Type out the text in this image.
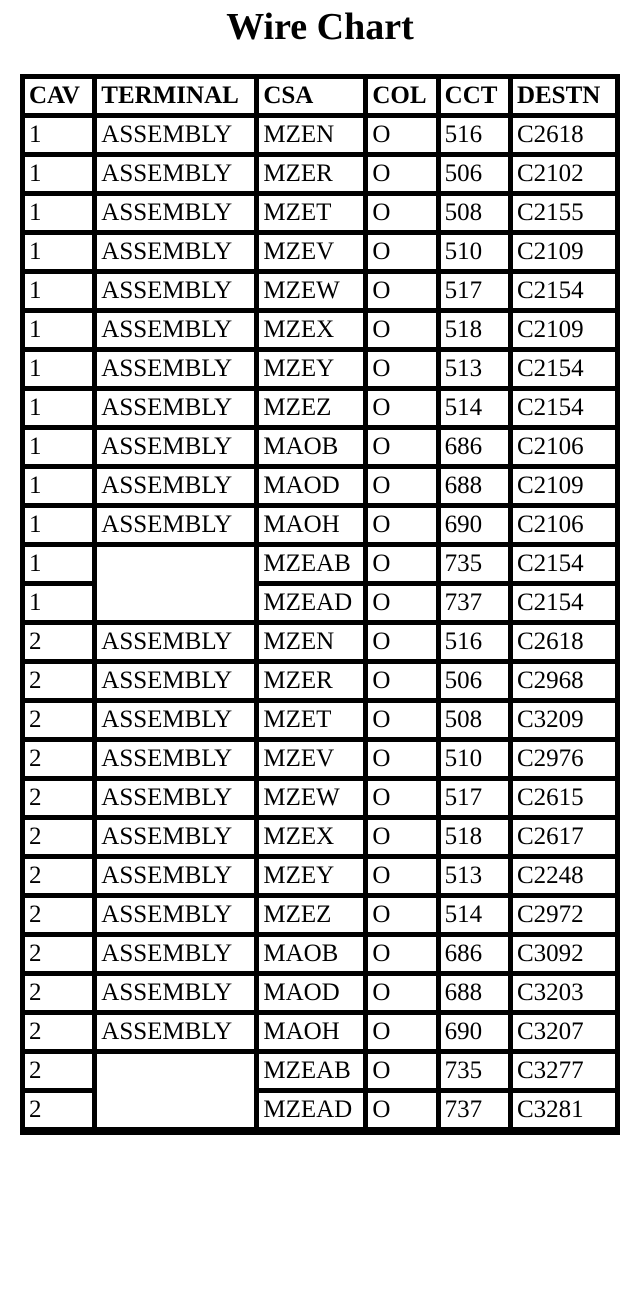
Wire Chart
CAV	TERMINAL	CSA	COL	CCT	DESTN
1	ASSEMBLY	MZEN	O	516	C2618
1	ASSEMBLY	MZER	O	506	C2102
1	ASSEMBLY	MZET	O	508	C2155
1	ASSEMBLY	MZEV	O	510	C2109
1	ASSEMBLY	MZEW	O	517	C2154
1	ASSEMBLY	MZEX	O	518	C2109
1	ASSEMBLY	MZEY	O	513	C2154
1	ASSEMBLY	MZEZ	O	514	C2154
1	ASSEMBLY	MAOB	O	686	C2106
1	ASSEMBLY	MAOD	O	688	C2109
1	ASSEMBLY	MAOH	O	690	C2106
1		MZEAB	O	735	C2154
1		MZEAD	O	737	C2154
2	ASSEMBLY	MZEN	O	516	C2618
2	ASSEMBLY	MZER	O	506	C2968
2	ASSEMBLY	MZET	O	508	C3209
2	ASSEMBLY	MZEV	O	510	C2976
2	ASSEMBLY	MZEW	O	517	C2615
2	ASSEMBLY	MZEX	O	518	C2617
2	ASSEMBLY	MZEY	O	513	C2248
2	ASSEMBLY	MZEZ	O	514	C2972
2	ASSEMBLY	MAOB	O	686	C3092
2	ASSEMBLY	MAOD	O	688	C3203
2	ASSEMBLY	MAOH	O	690	C3207
2		MZEAB	O	735	C3277
2		MZEAD	O	737	C3281
